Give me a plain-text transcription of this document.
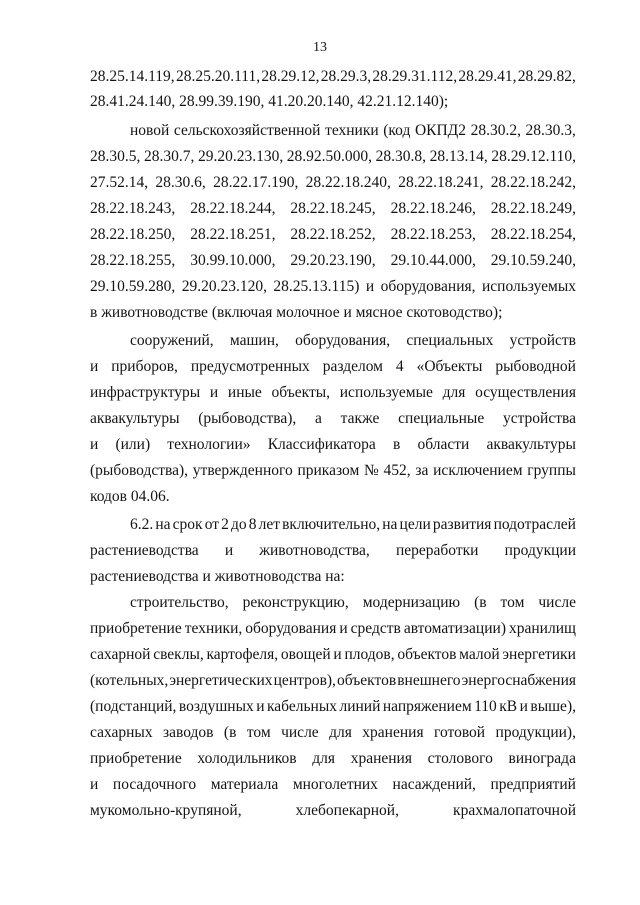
13
28.25.14.119, 28.25.20.111, 28.29.12, 28.29.3, 28.29.31.112, 28.29.41, 28.29.82,
28.41.24.140, 28.99.39.190, 41.20.20.140, 42.21.12.140);
новой сельскохозяйственной техники (код ОКПД2 28.30.2, 28.30.3,
28.30.5, 28.30.7, 29.20.23.130, 28.92.50.000, 28.30.8, 28.13.14, 28.29.12.110,
27.52.14, 28.30.6, 28.22.17.190, 28.22.18.240, 28.22.18.241, 28.22.18.242,
28.22.18.243, 28.22.18.244, 28.22.18.245, 28.22.18.246, 28.22.18.249,
28.22.18.250, 28.22.18.251, 28.22.18.252, 28.22.18.253, 28.22.18.254,
28.22.18.255, 30.99.10.000, 29.20.23.190, 29.10.44.000, 29.10.59.240,
29.10.59.280, 29.20.23.120, 28.25.13.115) и оборудования, используемых
в животноводстве (включая молочное и мясное скотоводство);
сооружений, машин, оборудования, специальных устройств
и приборов, предусмотренных разделом 4 «Объекты рыбоводной
инфраструктуры и иные объекты, используемые для осуществления
аквакультуры (рыбоводства), а также специальные устройства
и (или) технологии» Классификатора в области аквакультуры
(рыбоводства), утвержденного приказом № 452, за исключением группы
кодов 04.06.
6.2. на срок от 2 до 8 лет включительно, на цели развития подотраслей
растениеводства и животноводства, переработки продукции
растениеводства и животноводства на:
строительство, реконструкцию, модернизацию (в том числе
приобретение техники, оборудования и средств автоматизации) хранилищ
сахарной свеклы, картофеля, овощей и плодов, объектов малой энергетики
(котельных, энергетических центров), объектов внешнего энергоснабжения
(подстанций, воздушных и кабельных линий напряжением 110 кВ и выше),
сахарных заводов (в том числе для хранения готовой продукции),
приобретение холодильников для хранения столового винограда
и посадочного материала многолетних насаждений, предприятий
мукомольно-крупяной,	хлебопекарной,	крахмалопаточной
